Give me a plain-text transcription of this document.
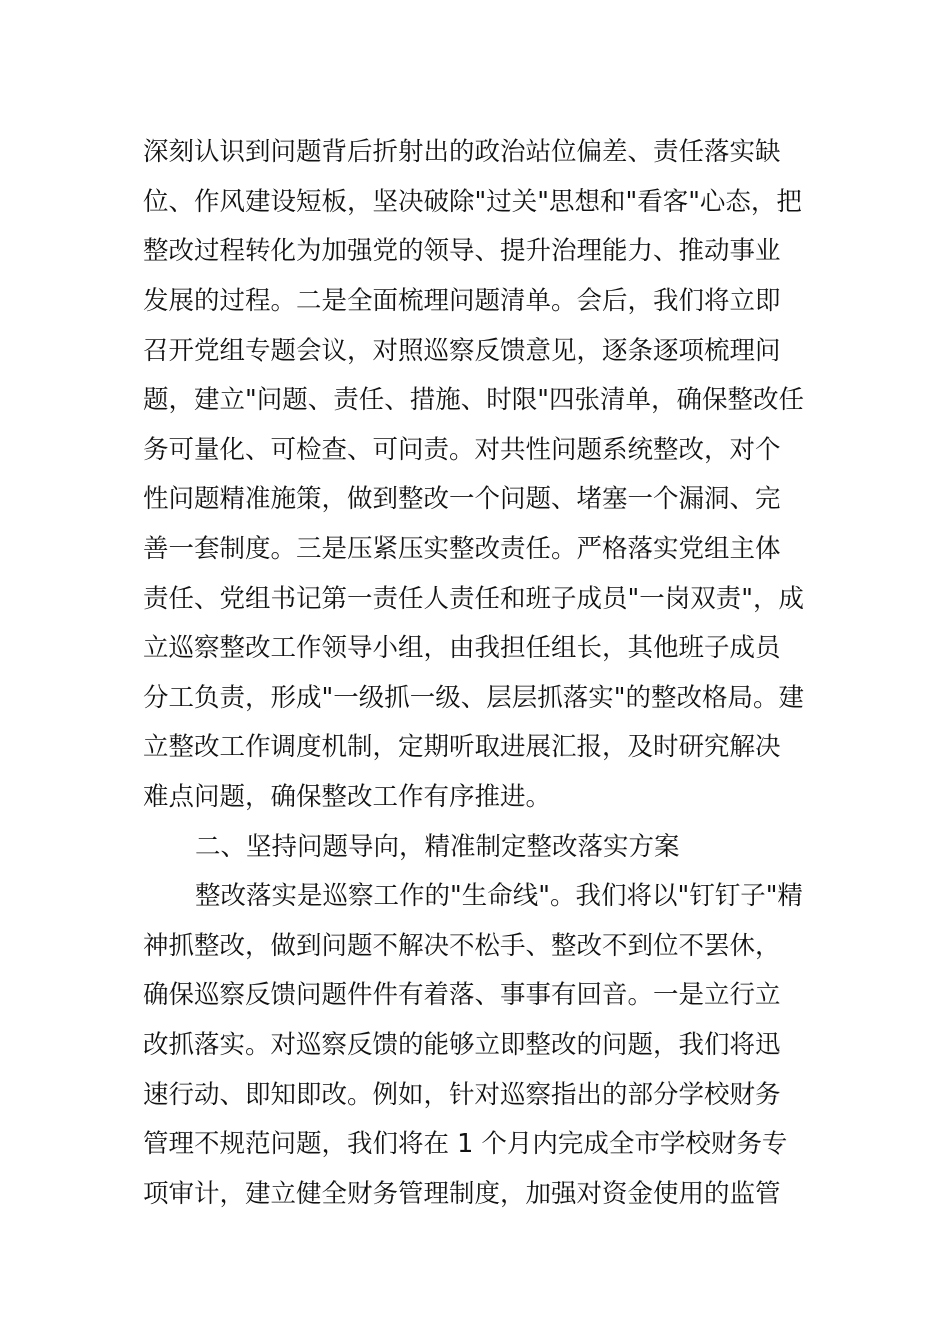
深刻认识到问题背后折射出的政治站位偏差、责任落实缺
位、作风建设短板，坚决破除"过关"思想和"看客"心态，把
整改过程转化为加强党的领导、提升治理能力、推动事业
发展的过程。二是全面梳理问题清单。会后，我们将立即
召开党组专题会议，对照巡察反馈意见，逐条逐项梳理问
题，建立"问题、责任、措施、时限"四张清单，确保整改任
务可量化、可检查、可问责。对共性问题系统整改，对个
性问题精准施策，做到整改一个问题、堵塞一个漏洞、完
善一套制度。三是压紧压实整改责任。严格落实党组主体
责任、党组书记第一责任人责任和班子成员"一岗双责"，成
立巡察整改工作领导小组，由我担任组长，其他班子成员
分工负责，形成"一级抓一级、层层抓落实"的整改格局。建
立整改工作调度机制，定期听取进展汇报，及时研究解决
难点问题，确保整改工作有序推进。
二、坚持问题导向，精准制定整改落实方案
整改落实是巡察工作的"生命线"。我们将以"钉钉子"精
神抓整改，做到问题不解决不松手、整改不到位不罢休，
确保巡察反馈问题件件有着落、事事有回音。一是立行立
改抓落实。对巡察反馈的能够立即整改的问题，我们将迅
速行动、即知即改。例如，针对巡察指出的部分学校财务
管理不规范问题，我们将在 1 个月内完成全市学校财务专
项审计，建立健全财务管理制度，加强对资金使用的监管
